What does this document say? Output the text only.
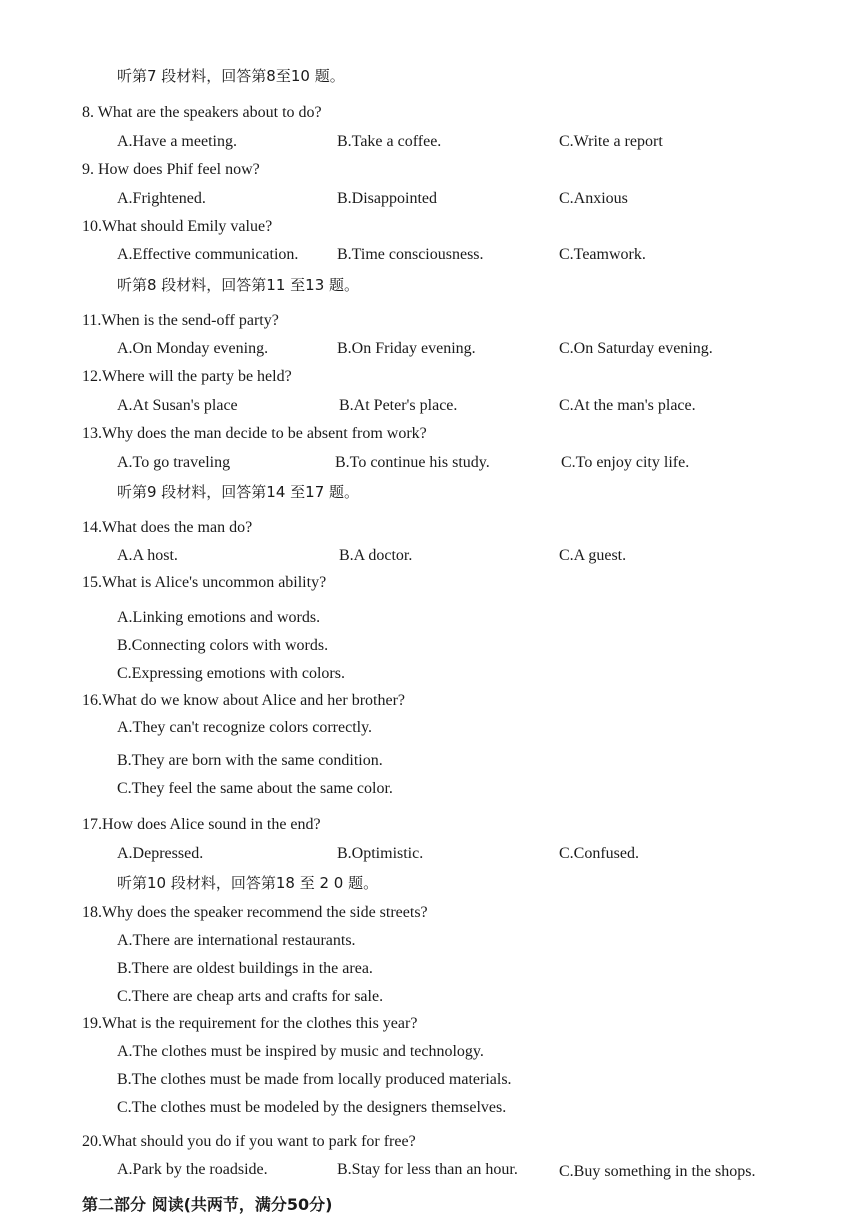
听第7 段材料，回答第8至10 题。
8. What are the speakers about to do?
A.Have a meeting.	B.Take a coffee.	C.Write a report
9. How does Phif feel now?
A.Frightened.	B.Disappointed	C.Anxious
10.What should Emily value?
A.Effective communication. B.Time consciousness.	C.Teamwork.
听第8 段材料，回答第11 至13 题。
11.When is the send-off party?
A.On Monday evening.	B.On Friday evening.	C.On Saturday evening.
12.Where will the party be held?
A.At Susan's place	B.At Peter's place.	C.At the man's place.
13.Why does the man decide to be absent from work?
A.To go traveling	B.To continue his study.	C.To enjoy city life.
听第9 段材料，回答第14 至17 题。
14.What does the man do?
A.A host.	B.A doctor.	C.A guest.
15.What is Alice's uncommon ability?
A.Linking emotions and words.
B.Connecting colors with words.
C.Expressing emotions with colors.
16.What do we know about Alice and her brother?
A.They can't recognize colors correctly.
B.They are born with the same condition.
C.They feel the same about the same color.
17.How does Alice sound in the end?
A.Depressed.	B.Optimistic.	C.Confused.
听第10 段材料，回答第18 至 2 0 题。
18.Why does the speaker recommend the side streets?
A.There are international restaurants.
B.There are oldest buildings in the area.
C.There are cheap arts and crafts for sale.
19.What is the requirement for the clothes this year?
A.The clothes must be inspired by music and technology.
B.The clothes must be made from locally produced materials.
C.The clothes must be modeled by the designers themselves.
20.What should you do if you want to park for free?
A.Park by the roadside.	B.Stay for less than an hour.	C.Buy something in the shops.
第二部分 阅读(共两节，满分50分)
